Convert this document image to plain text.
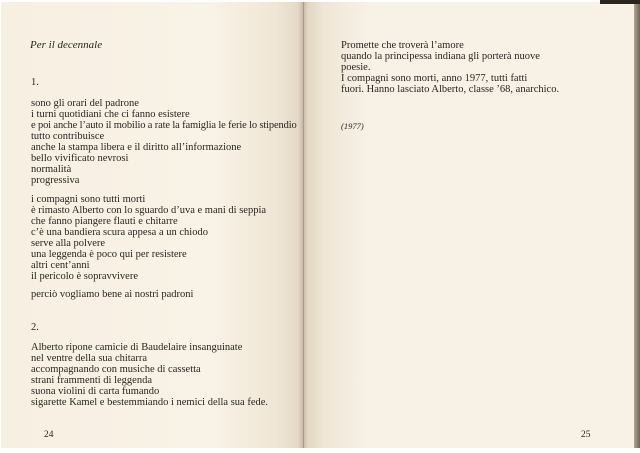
Per il decennale
1.
sono gli orari del padrone
i turni quotidiani che ci fanno esistere
e poi anche l’auto il mobilio a rate la famiglia le ferie lo stipendio
tutto contribuisce
anche la stampa libera e il diritto all’informazione
bello vivificato nevrosi
normalità
progressiva
i compagni sono tutti morti
è rimasto Alberto con lo sguardo d’uva e mani di seppia
che fanno piangere flauti e chitarre
c’è una bandiera scura appesa a un chiodo
serve alla polvere
una leggenda è poco qui per resistere
altri cent’anni
il pericolo è sopravvivere
perciò vogliamo bene ai nostri padroni
2.
Alberto ripone camicie di Baudelaire insanguinate
nel ventre della sua chitarra
accompagnando con musiche di cassetta
strani frammenti di leggenda
suona violini di carta fumando
sigarette Kamel e bestemmiando i nemici della sua fede.
24
Promette che troverà l’amore
quando la principessa indiana gli porterà nuove
poesie.
I compagni sono morti, anno 1977, tutti fatti
fuori. Hanno lasciato Alberto, classe ’68, anarchico.
(1977)
25
